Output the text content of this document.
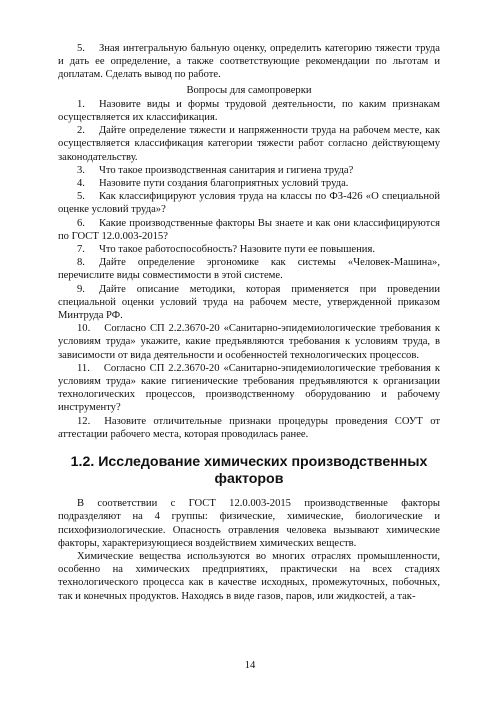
5. Зная интегральную бальную оценку, определить категорию тяжести труда и дать ее определение, а также соответствующие рекомендации по льготам и доплатам. Сделать вывод по работе.

Вопросы для самопроверки

1. Назовите виды и формы трудовой деятельности, по каким признакам осуществляется их классификация.
2. Дайте определение тяжести и напряженности труда на рабочем месте, как осуществляется классификация категории тяжести работ согласно действующему законодательству.
3. Что такое производственная санитария и гигиена труда?
4. Назовите пути создания благоприятных условий труда.
5. Как классифицируют условия труда на классы по ФЗ-426 «О специальной оценке условий труда»?
6. Какие производственные факторы Вы знаете и как они классифицируются по ГОСТ 12.0.003-2015?
7. Что такое работоспособность? Назовите пути ее повышения.
8. Дайте определение эргономике как системы «Человек-Машина», перечислите виды совместимости в этой системе.
9. Дайте описание методики, которая применяется при проведении специальной оценки условий труда на рабочем месте, утвержденной приказом Минтруда РФ.
10. Согласно СП 2.2.3670-20 «Санитарно-эпидемиологические требования к условиям труда» укажите, какие предъявляются требования к условиям труда, в зависимости от вида деятельности и особенностей технологических процессов.
11. Согласно СП 2.2.3670-20 «Санитарно-эпидемиологические требования к условиям труда» какие гигиенические требования предъявляются к организации технологических процессов, производственному оборудованию и рабочему инструменту?
12. Назовите отличительные признаки процедуры проведения СОУТ от аттестации рабочего места, которая проводилась ранее.
1.2. Исследование химических производственных факторов

В соответствии с ГОСТ 12.0.003-2015 производственные факторы подразделяют на 4 группы: физические, химические, биологические и психофизиологические. Опасность отравления человека вызывают химические факторы, характеризующиеся воздействием химических веществ.

Химические вещества используются во многих отраслях промышленности, особенно на химических предприятиях, практически на всех стадиях технологического процесса как в качестве исходных, промежуточных, побочных, так и конечных продуктов. Находясь в виде газов, паров, или жидкостей, а так-

14
